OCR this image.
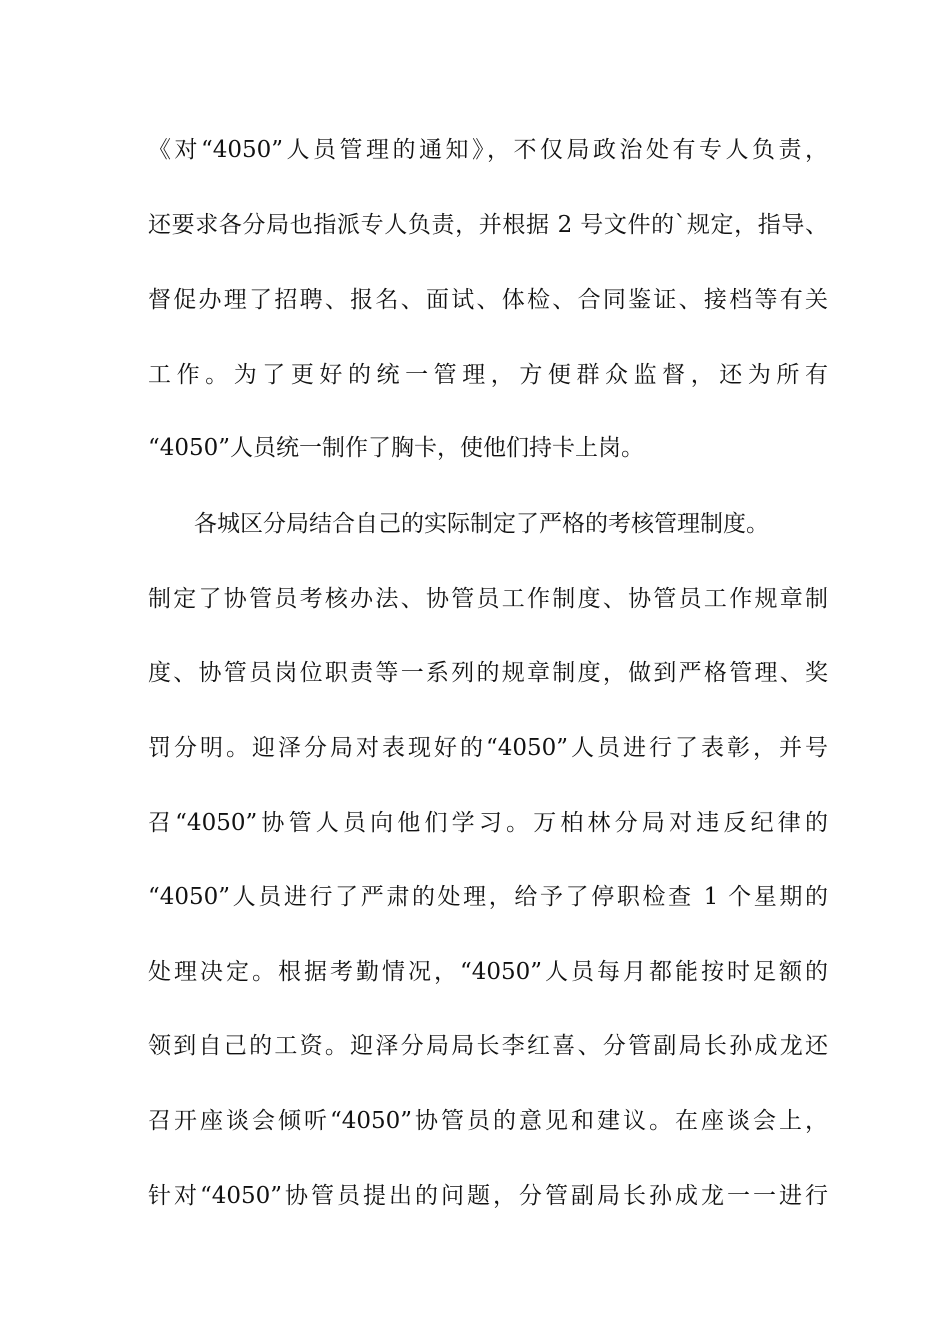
《对“4050”人员管理的通知》，不仅局政治处有专人负责，
还要求各分局也指派专人负责，并根据 2 号文件的`规定，指导、
督促办理了招聘、报名、面试、体检、合同鉴证、接档等有关
工作。为了更好的统一管理，方便群众监督，还为所有
“4050”人员统一制作了胸卡，使他们持卡上岗。
各城区分局结合自己的实际制定了严格的考核管理制度。
制定了协管员考核办法、协管员工作制度、协管员工作规章制
度、协管员岗位职责等一系列的规章制度，做到严格管理、奖
罚分明。迎泽分局对表现好的“4050”人员进行了表彰，并号
召“4050”协管人员向他们学习。万柏林分局对违反纪律的
“4050”人员进行了严肃的处理，给予了停职检查 1 个星期的
处理决定。根据考勤情况，“4050”人员每月都能按时足额的
领到自己的工资。迎泽分局局长李红喜、分管副局长孙成龙还
召开座谈会倾听“4050”协管员的意见和建议。在座谈会上，
针对“4050”协管员提出的问题，分管副局长孙成龙一一进行
